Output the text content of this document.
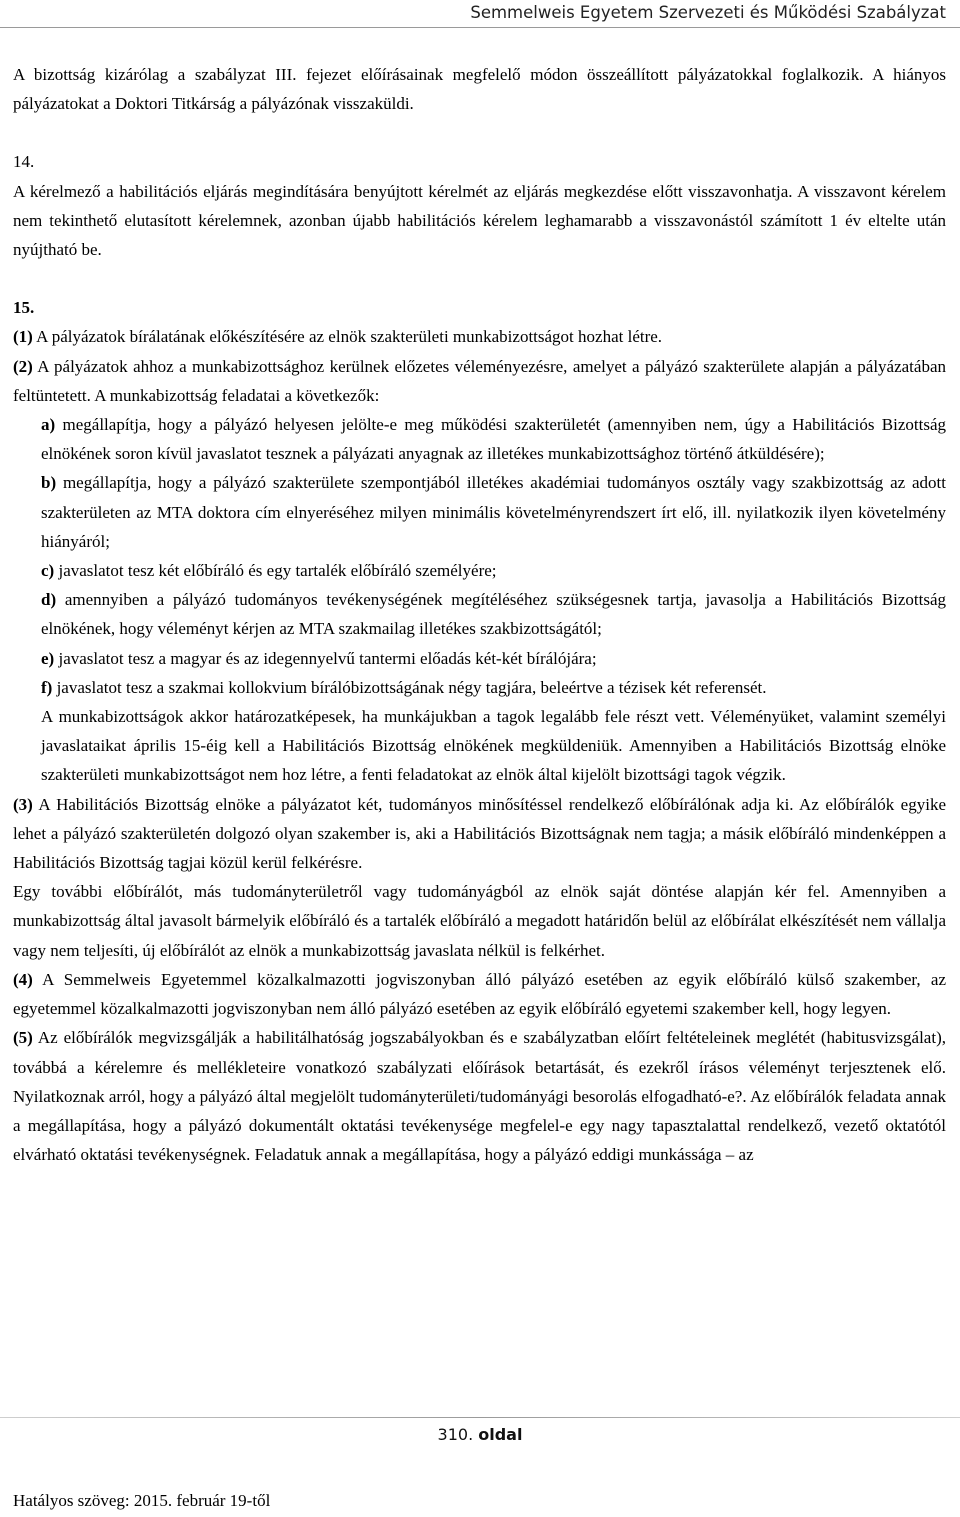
Semmelweis Egyetem Szervezeti és Működési Szabályzat

A bizottság kizárólag a szabályzat III. fejezet előírásainak megfelelő módon összeállított pályázatokkal foglalkozik. A hiányos pályázatokat a Doktori Titkárság a pályázónak visszaküldi.

14.

A kérelmező a habilitációs eljárás megindítására benyújtott kérelmét az eljárás megkezdése előtt visszavonhatja. A visszavont kérelem nem tekinthető elutasított kérelemnek, azonban újabb habilitációs kérelem leghamarabb a visszavonástól számított 1 év eltelte után nyújtható be.

15.

(1) A pályázatok bírálatának előkészítésére az elnök szakterületi munkabizottságot hozhat létre.

(2) A pályázatok ahhoz a munkabizottsághoz kerülnek előzetes véleményezésre, amelyet a pályázó szakterülete alapján a pályázatában feltüntetett. A munkabizottság feladatai a következők:

a) megállapítja, hogy a pályázó helyesen jelölte-e meg működési szakterületét (amennyiben nem, úgy a Habilitációs Bizottság elnökének soron kívül javaslatot tesznek a pályázati anyagnak az illetékes munkabizottsághoz történő átküldésére);

b) megállapítja, hogy a pályázó szakterülete szempontjából illetékes akadémiai tudományos osztály vagy szakbizottság az adott szakterületen az MTA doktora cím elnyeréséhez milyen minimális követelményrendszert írt elő, ill. nyilatkozik ilyen követelmény hiányáról;

c) javaslatot tesz két előbíráló és egy tartalék előbíráló személyére;

d) amennyiben a pályázó tudományos tevékenységének megítéléséhez szükségesnek tartja, javasolja a Habilitációs Bizottság elnökének, hogy véleményt kérjen az MTA szakmailag illetékes szakbizottságától;

e) javaslatot tesz a magyar és az idegennyelvű tantermi előadás két-két bírálójára;

f) javaslatot tesz a szakmai kollokvium bírálóbizottságának négy tagjára, beleértve a tézisek két referensét.

A munkabizottságok akkor határozatképesek, ha munkájukban a tagok legalább fele részt vett. Véleményüket, valamint személyi javaslataikat április 15-éig kell a Habilitációs Bizottság elnökének megküldeniük. Amennyiben a Habilitációs Bizottság elnöke szakterületi munkabizottságot nem hoz létre, a fenti feladatokat az elnök által kijelölt bizottsági tagok végzik.

(3) A Habilitációs Bizottság elnöke a pályázatot két, tudományos minősítéssel rendelkező előbírálónak adja ki. Az előbírálók egyike lehet a pályázó szakterületén dolgozó olyan szakember is, aki a Habilitációs Bizottságnak nem tagja; a másik előbíráló mindenképpen a Habilitációs Bizottság tagjai közül kerül felkérésre.

Egy további előbírálót, más tudományterületről vagy tudományágból az elnök saját döntése alapján kér fel. Amennyiben a munkabizottság által javasolt bármelyik előbíráló és a tartalék előbíráló a megadott határidőn belül az előbírálat elkészítését nem vállalja vagy nem teljesíti, új előbírálót az elnök a munkabizottság javaslata nélkül is felkérhet.

(4) A Semmelweis Egyetemmel közalkalmazotti jogviszonyban álló pályázó esetében az egyik előbíráló külső szakember, az egyetemmel közalkalmazotti jogviszonyban nem álló pályázó esetében az egyik előbíráló egyetemi szakember kell, hogy legyen.

(5) Az előbírálók megvizsgálják a habilitálhatóság jogszabályokban és e szabályzatban előírt feltételeinek meglétét (habitusvizsgálat), továbbá a kérelemre és mellékleteire vonatkozó szabályzati előírások betartását, és ezekről írásos véleményt terjesztenek elő. Nyilatkoznak arról, hogy a pályázó által megjelölt tudományterületi/tudományági besorolás elfogadható-e?. Az előbírálók feladata annak a megállapítása, hogy a pályázó dokumentált oktatási tevékenysége megfelel-e egy nagy tapasztalattal rendelkező, vezető oktatótól elvárható oktatási tevékenységnek. Feladatuk annak a megállapítása, hogy a pályázó eddigi munkássága – az

310. oldal
Hatályos szöveg: 2015. február 19-től
